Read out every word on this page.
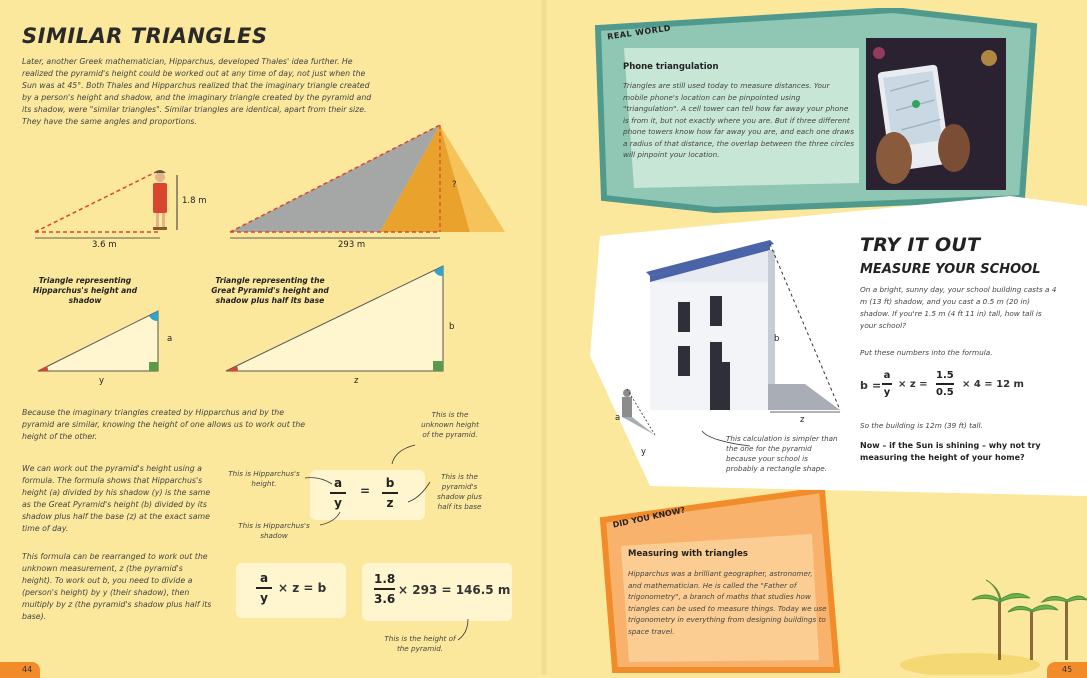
SIMILAR TRIANGLES
Later, another Greek mathematician, Hipparchus, developed Thales' idea further. He realized the pyramid's height could be worked out at any time of day, not just when the Sun was at 45°. Both Thales and Hipparchus realized that the imaginary triangle created by a person's height and shadow, and the imaginary triangle created by the pyramid and its shadow, were "similar triangles". Similar triangles are identical, apart from their size. They have the same angles and proportions.
1.8 m
3.6 m
?
293 m
Triangle representing Hipparchus's height and shadow
Triangle representing the Great Pyramid's height and shadow plus half its base
a
y
b
z
Because the imaginary triangles created by Hipparchus and by the pyramid are similar, knowing the height of one allows us to work out the height of the other.
We can work out the pyramid's height using a formula. The formula shows that Hipparchus's height (a) divided by his shadow (y) is the same as the Great Pyramid's height (b) divided by its shadow plus half the base (z) at the exact same time of day.
This formula can be rearranged to work out the unknown measurement, z (the pyramid's height). To work out b, you need to divide a (person's height) by y (their shadow), then multiply by z (the pyramid's shadow plus half its base).
a
y
=
b
z
This is the unknown height of the pyramid.
This is Hipparchus's height.
This is the pyramid's shadow plus half its base
This is Hipparchus's shadow
a
y
× z = b
1.8
3.6
× 293 = 146.5 m
This is the height of the pyramid.
44
REAL WORLD
Phone triangulation
Triangles are still used today to measure distances. Your mobile phone's location can be pinpointed using "triangulation". A cell tower can tell how far away your phone is from it, but not exactly where you are. But if three different phone towers know how far away you are, and each one draws a radius of that distance, the overlap between the three circles will pinpoint your location.
b
z
a
y
This calculation is simpler than the one for the pyramid because your school is probably a rectangle shape.
TRY IT OUT
MEASURE YOUR SCHOOL
On a bright, sunny day, your school building casts a 4 m (13 ft) shadow, and you cast a 0.5 m (20 in) shadow. If you're 1.5 m (4 ft 11 in) tall, how tall is your school?
Put these numbers into the formula.
b =
a
y
× z =
1.5
0.5
× 4 = 12 m
So the building is 12m (39 ft) tall.
Now – if the Sun is shining – why not try measuring the height of your home?
DID YOU KNOW?
Measuring with triangles
Hipparchus was a brilliant geographer, astronomer, and mathematician. He is called the "Father of trigonometry", a branch of maths that studies how triangles can be used to measure things. Today we use trigonometry in everything from designing buildings to space travel.
45
